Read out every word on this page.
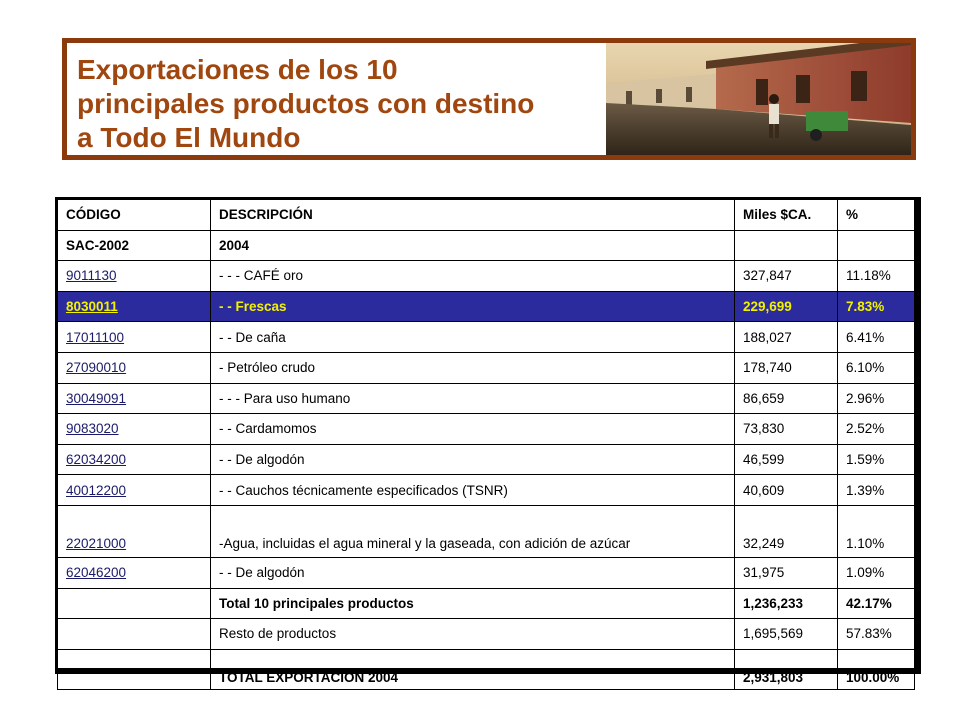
Exportaciones de los 10
principales productos con destino
a Todo El Mundo
CÓDIGO	DESCRIPCIÓN	Miles $CA.	%
SAC-2002	2004		
9011130	- - - CAFÉ oro	327,847	11.18%
8030011	- - Frescas	229,699	7.83%
17011100	- - De caña	188,027	6.41%
27090010	- Petróleo crudo	178,740	6.10%
30049091	- - - Para uso humano	86,659	2.96%
9083020	- - Cardamomos	73,830	2.52%
62034200	- - De algodón	46,599	1.59%
40012200	- - Cauchos técnicamente especificados (TSNR)	40,609	1.39%
22021000	-Agua, incluidas el agua mineral y la gaseada, con adición de azúcar	32,249	1.10%
62046200	- - De algodón	31,975	1.09%
	Total 10 principales productos	1,236,233	42.17%
	Resto de productos	1,695,569	57.83%
	TOTAL EXPORTACION 2004	2,931,803	100.00%
